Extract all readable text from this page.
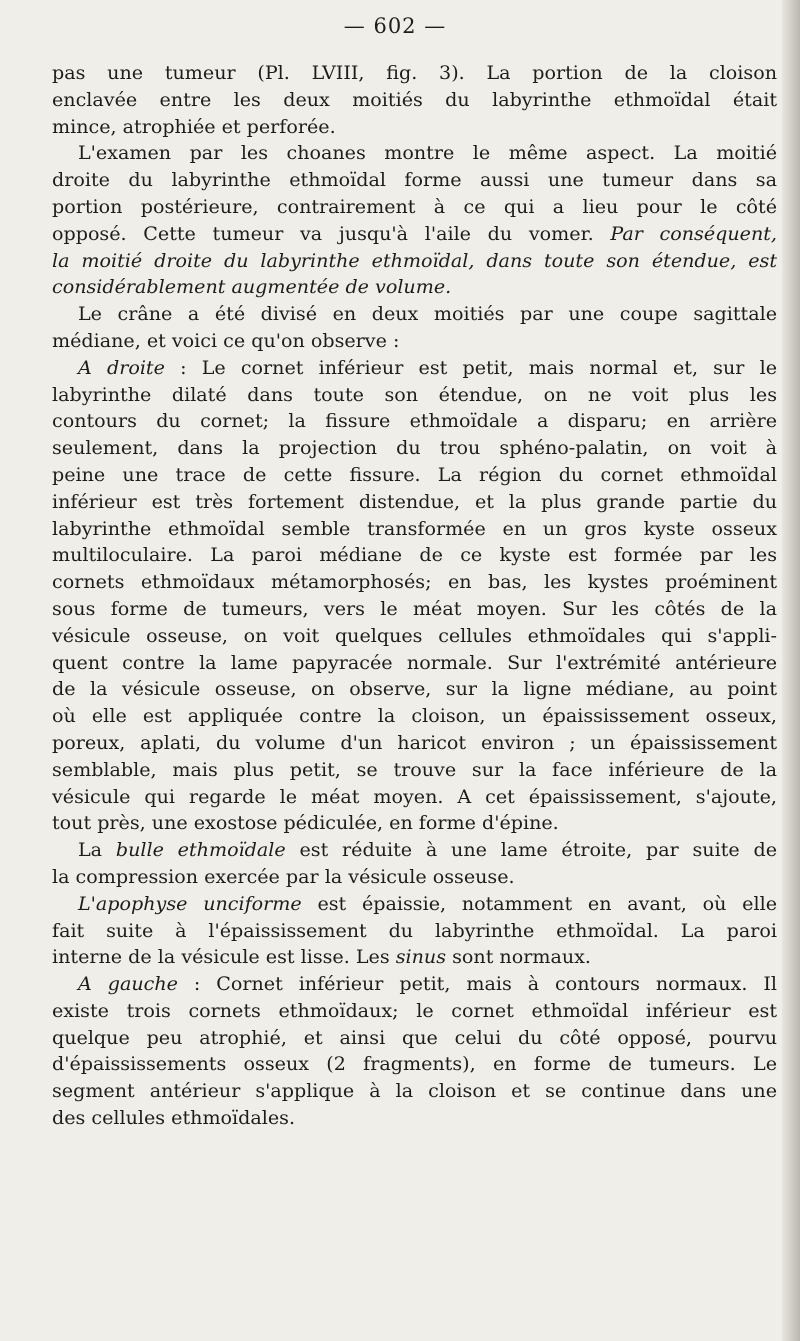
— 602 —
pas une tumeur (Pl. LVIII, fig. 3). La portion de la cloison
enclavée entre les deux moitiés du labyrinthe ethmoïdal était
mince, atrophiée et perforée.
L'examen par les choanes montre le même aspect. La moitié
droite du labyrinthe ethmoïdal forme aussi une tumeur dans sa
portion postérieure, contrairement à ce qui a lieu pour le côté
opposé. Cette tumeur va jusqu'à l'aile du vomer. Par conséquent,
la moitié droite du labyrinthe ethmoïdal, dans toute son étendue, est
considérablement augmentée de volume.
Le crâne a été divisé en deux moitiés par une coupe sagittale
médiane, et voici ce qu'on observe :
A droite : Le cornet inférieur est petit, mais normal et, sur le
labyrinthe dilaté dans toute son étendue, on ne voit plus les
contours du cornet; la fissure ethmoïdale a disparu; en arrière
seulement, dans la projection du trou sphéno-palatin, on voit à
peine une trace de cette fissure. La région du cornet ethmoïdal
inférieur est très fortement distendue, et la plus grande partie du
labyrinthe ethmoïdal semble transformée en un gros kyste osseux
multiloculaire. La paroi médiane de ce kyste est formée par les
cornets ethmoïdaux métamorphosés; en bas, les kystes proéminent
sous forme de tumeurs, vers le méat moyen. Sur les côtés de la
vésicule osseuse, on voit quelques cellules ethmoïdales qui s'appli-
quent contre la lame papyracée normale. Sur l'extrémité antérieure
de la vésicule osseuse, on observe, sur la ligne médiane, au point
où elle est appliquée contre la cloison, un épaississement osseux,
poreux, aplati, du volume d'un haricot environ ; un épaississement
semblable, mais plus petit, se trouve sur la face inférieure de la
vésicule qui regarde le méat moyen. A cet épaississement, s'ajoute,
tout près, une exostose pédiculée, en forme d'épine.
La bulle ethmoïdale est réduite à une lame étroite, par suite de
la compression exercée par la vésicule osseuse.
L'apophyse unciforme est épaissie, notamment en avant, où elle
fait suite à l'épaississement du labyrinthe ethmoïdal. La paroi
interne de la vésicule est lisse. Les sinus sont normaux.
A gauche : Cornet inférieur petit, mais à contours normaux. Il
existe trois cornets ethmoïdaux; le cornet ethmoïdal inférieur est
quelque peu atrophié, et ainsi que celui du côté opposé, pourvu
d'épaississements osseux (2 fragments), en forme de tumeurs. Le
segment antérieur s'applique à la cloison et se continue dans une
des cellules ethmoïdales.
